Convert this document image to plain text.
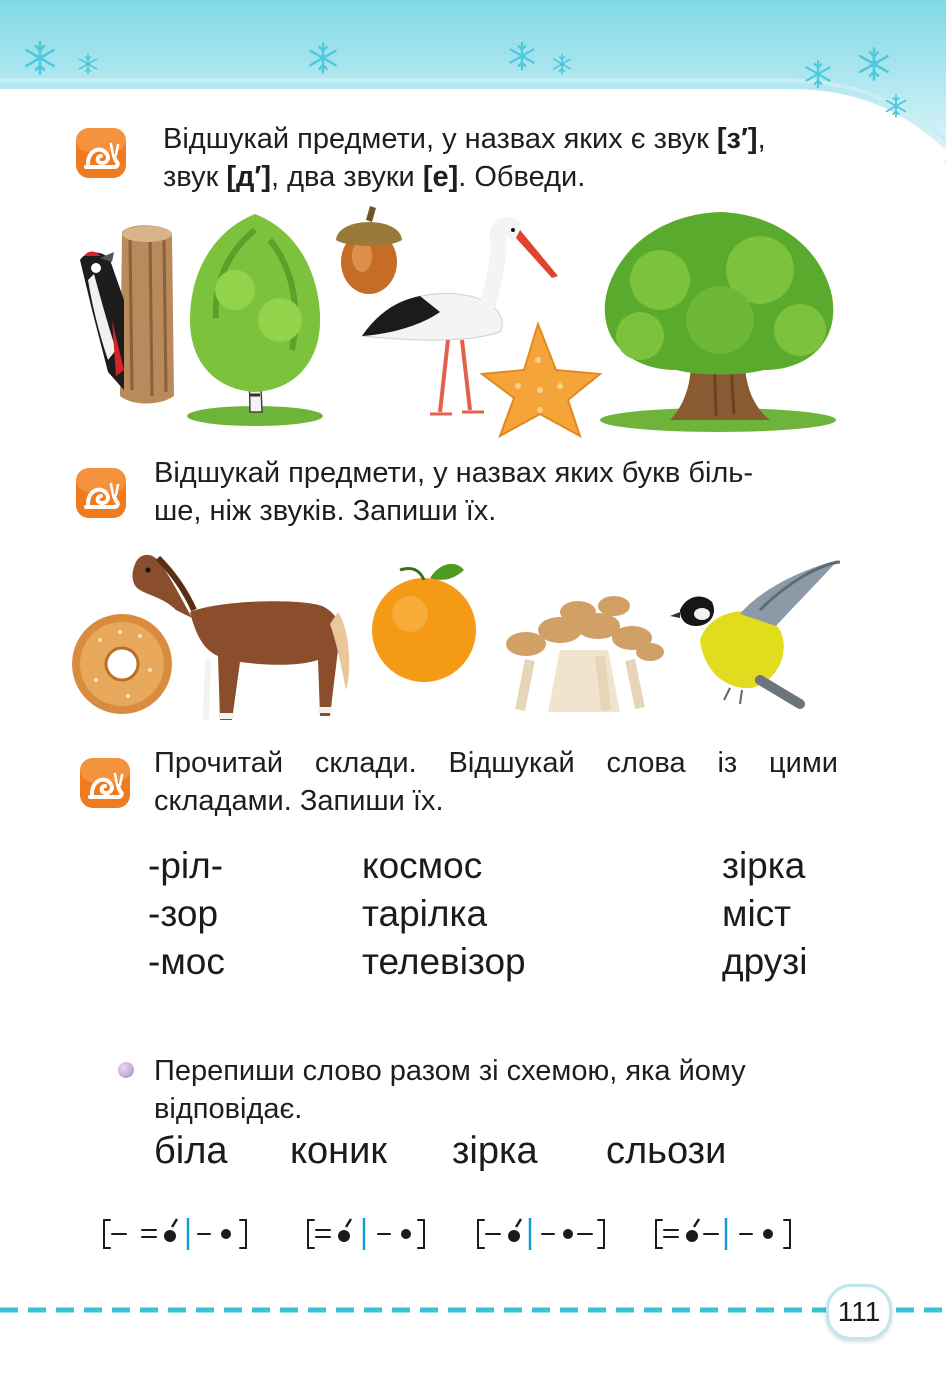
Відшукай предмети, у назвах яких є звук [з′],
звук [д′], два звуки [е]. Обведи.
Відшукай предмети, у назвах яких букв біль-
ше, ніж звуків. Запиши їх.
Прочитай склади. Відшукай слова із цими
складами. Запиши їх.
-ріл-
-зор
-мос
космос
тарілка
телевізор
зірка
міст
друзі
Перепиши слово разом зі схемою, яка йому
відповідає.
біла коник зірка сльози
111
